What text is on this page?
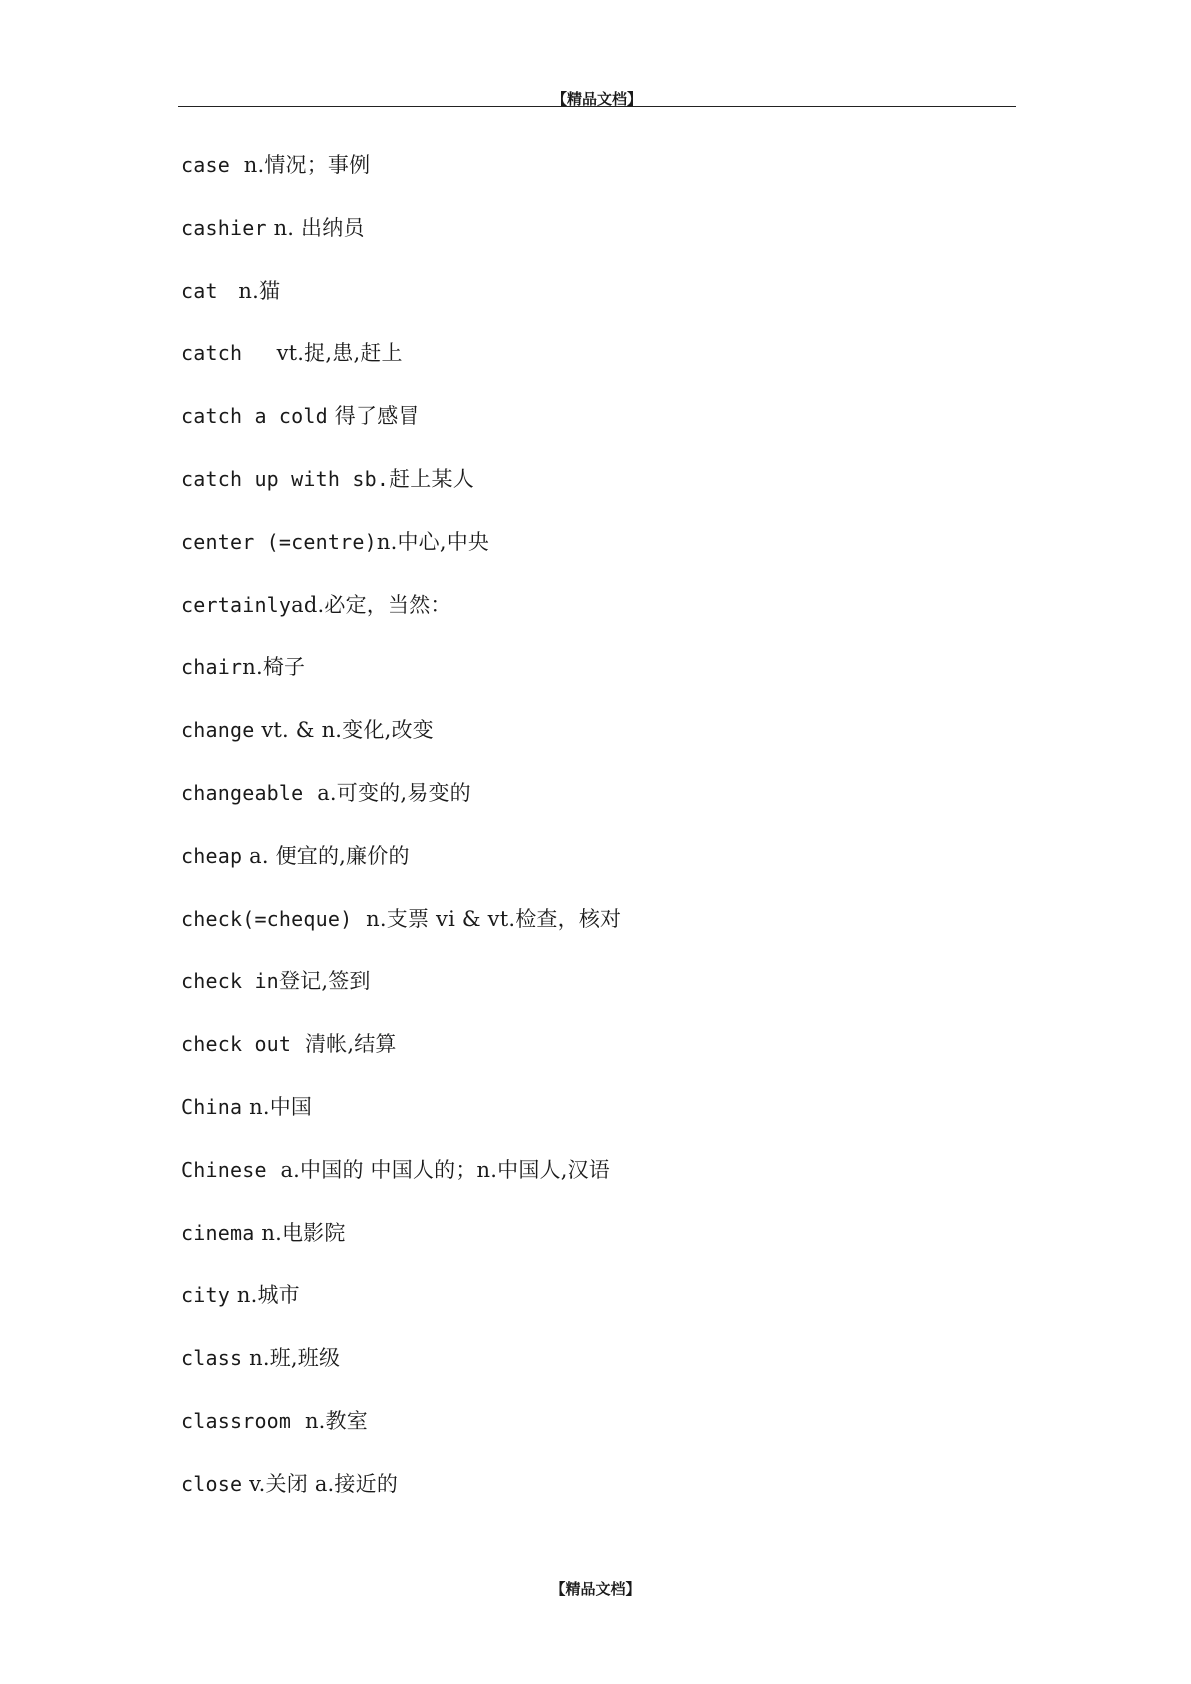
【精品文档】
case n.情况；事例
cashier n. 出纳员
cat n.猫
catch vt.捉,患,赶上
catch a cold 得了感冒
catch up with sb.赶上某人
center (=centre)n.中心,中央
certainlyad.必定，当然：
chairn.椅子
change vt. & n.变化,改变
changeable a.可变的,易变的
cheap a. 便宜的,廉价的
check(=cheque) n.支票 vi & vt.检查，核对
check in登记,签到
check out 清帐,结算
China n.中国
Chinese a.中国的 中国人的；n.中国人,汉语
cinema n.电影院
city n.城市
class n.班,班级
classroom n.教室
close v.关闭 a.接近的
【精品文档】
